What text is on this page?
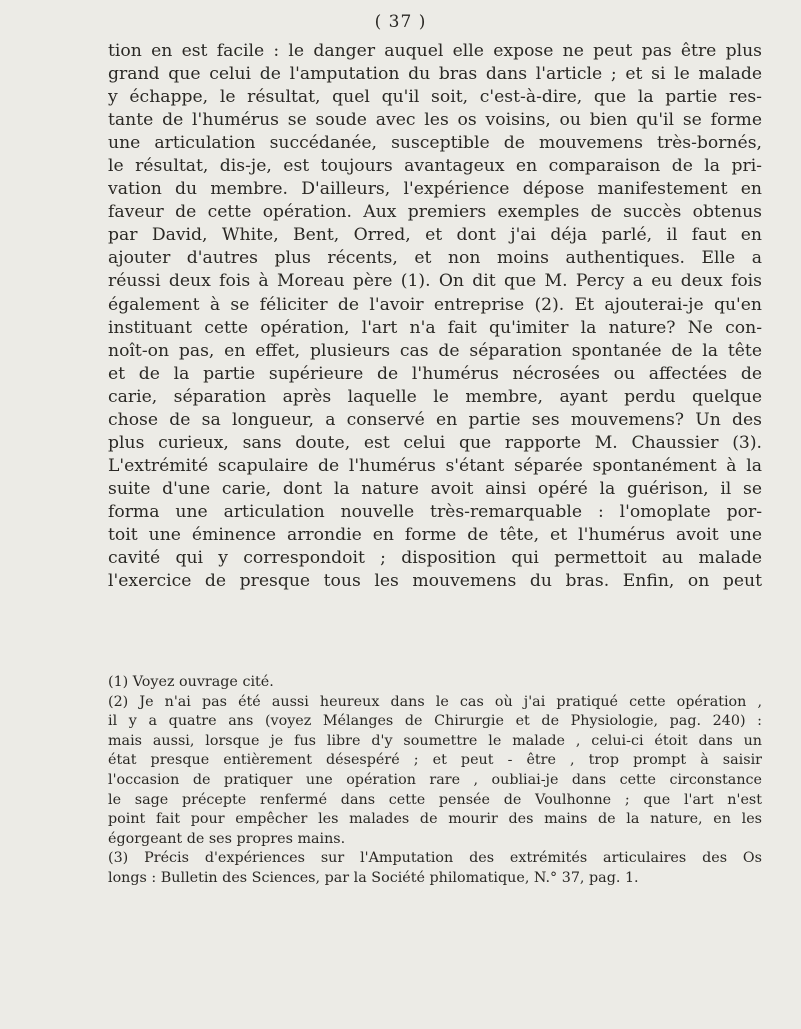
( 37 )
tion en est facile : le danger auquel elle expose ne peut pas être plus
grand que celui de l'amputation du bras dans l'article ; et si le malade
y échappe, le résultat, quel qu'il soit, c'est-à-dire, que la partie res-
tante de l'humérus se soude avec les os voisins, ou bien qu'il se forme
une articulation succédanée, susceptible de mouvemens très-bornés,
le résultat, dis-je, est toujours avantageux en comparaison de la pri-
vation du membre. D'ailleurs, l'expérience dépose manifestement en
faveur de cette opération. Aux premiers exemples de succès obtenus
par David, White, Bent, Orred, et dont j'ai déja parlé, il faut en
ajouter d'autres plus récents, et non moins authentiques. Elle a
réussi deux fois à Moreau père (1). On dit que M. Percy a eu deux fois
également à se féliciter de l'avoir entreprise (2). Et ajouterai-je qu'en
instituant cette opération, l'art n'a fait qu'imiter la nature? Ne con-
noît-on pas, en effet, plusieurs cas de séparation spontanée de la tête
et de la partie supérieure de l'humérus nécrosées ou affectées de
carie, séparation après laquelle le membre, ayant perdu quelque
chose de sa longueur, a conservé en partie ses mouvemens? Un des
plus curieux, sans doute, est celui que rapporte M. Chaussier (3).
L'extrémité scapulaire de l'humérus s'étant séparée spontanément à la
suite d'une carie, dont la nature avoit ainsi opéré la guérison, il se
forma une articulation nouvelle très-remarquable : l'omoplate por-
toit une éminence arrondie en forme de tête, et l'humérus avoit une
cavité qui y correspondoit ; disposition qui permettoit au malade
l'exercice de presque tous les mouvemens du bras. Enfin, on peut
(1) Voyez ouvrage cité.
(2) Je n'ai pas été aussi heureux dans le cas où j'ai pratiqué cette opération ,
il y a quatre ans (voyez Mélanges de Chirurgie et de Physiologie, pag. 240) :
mais aussi, lorsque je fus libre d'y soumettre le malade , celui-ci étoit dans un
état presque entièrement désespéré ; et peut - être , trop prompt à saisir
l'occasion de pratiquer une opération rare , oubliai-je dans cette circonstance
le sage précepte renfermé dans cette pensée de Voulhonne ; que l'art n'est
point fait pour empêcher les malades de mourir des mains de la nature, en les
égorgeant de ses propres mains.
(3) Précis d'expériences sur l'Amputation des extrémités articulaires des Os
longs : Bulletin des Sciences, par la Société philomatique, N.° 37, pag. 1.
